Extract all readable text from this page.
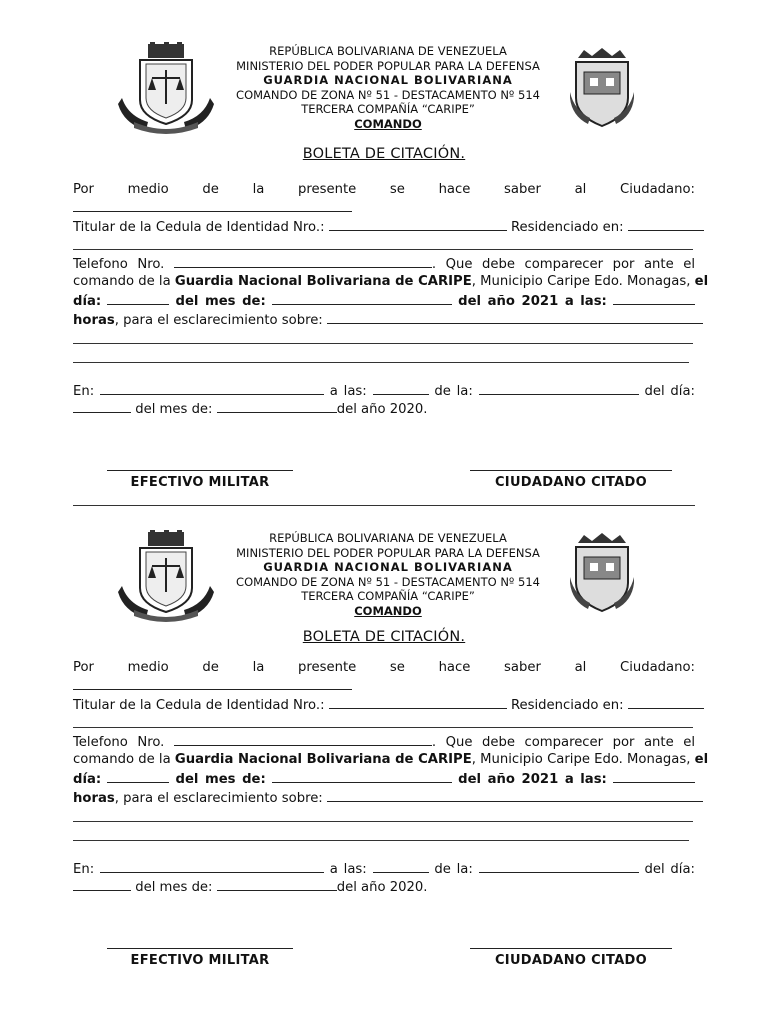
REPÚBLICA BOLIVARIANA DE VENEZUELA
MINISTERIO DEL PODER POPULAR PARA LA DEFENSA
GUARDIA NACIONAL BOLIVARIANA
COMANDO DE ZONA Nº 51 - DESTACAMENTO Nº 514
TERCERA COMPAÑÍA “CARIPE”
COMANDO
BOLETA DE CITACIÓN.
Por	medio	de	la	presente	se	hace	saber	al	Ciudadano:
Titular de la Cedula de Identidad Nro.:	Residenciado en:
Telefono Nro.	. Que debe comparecer por ante el
comando de la Guardia Nacional Bolivariana de CARIPE, Municipio Caripe Edo. Monagas, el
día:	del mes de:	del año 2021 a las:
horas, para el esclarecimiento sobre:
En:	a las:	de la:	del día:
del mes de:	del año 2020.
EFECTIVO MILITAR	CIUDADANO CITADO
REPÚBLICA BOLIVARIANA DE VENEZUELA
MINISTERIO DEL PODER POPULAR PARA LA DEFENSA
GUARDIA NACIONAL BOLIVARIANA
COMANDO DE ZONA Nº 51 - DESTACAMENTO Nº 514
TERCERA COMPAÑÍA “CARIPE”
COMANDO
BOLETA DE CITACIÓN.
Por	medio	de	la	presente	se	hace	saber	al	Ciudadano:
Titular de la Cedula de Identidad Nro.:	Residenciado en:
Telefono Nro.	. Que debe comparecer por ante el
comando de la Guardia Nacional Bolivariana de CARIPE, Municipio Caripe Edo. Monagas, el
día:	del mes de:	del año 2021 a las:
horas, para el esclarecimiento sobre:
En:	a las:	de la:	del día:
del mes de:	del año 2020.
EFECTIVO MILITAR	CIUDADANO CITADO
